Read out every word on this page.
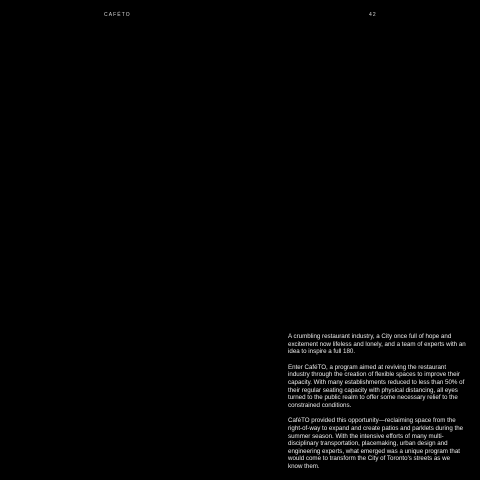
CAFÉTO	42

A crumbling restaurant industry, a City once full of hope and excitement now lifeless and lonely, and a team of experts with an idea to inspire a full 180.

Enter CaféTO, a program aimed at reviving the restaurant industry through the creation of flexible spaces to improve their capacity. With many establishments reduced to less than 50% of their regular seating capacity with physical distancing, all eyes turned to the public realm to offer some necessary relief to the constrained conditions.

CaféTO provided this opportunity—reclaiming space from the right-of-way to expand and create patios and parklets during the summer season. With the intensive efforts of many multi-disciplinary transportation, placemaking, urban design and engineering experts, what emerged was a unique program that would come to transform the City of Toronto's streets as we know them.
